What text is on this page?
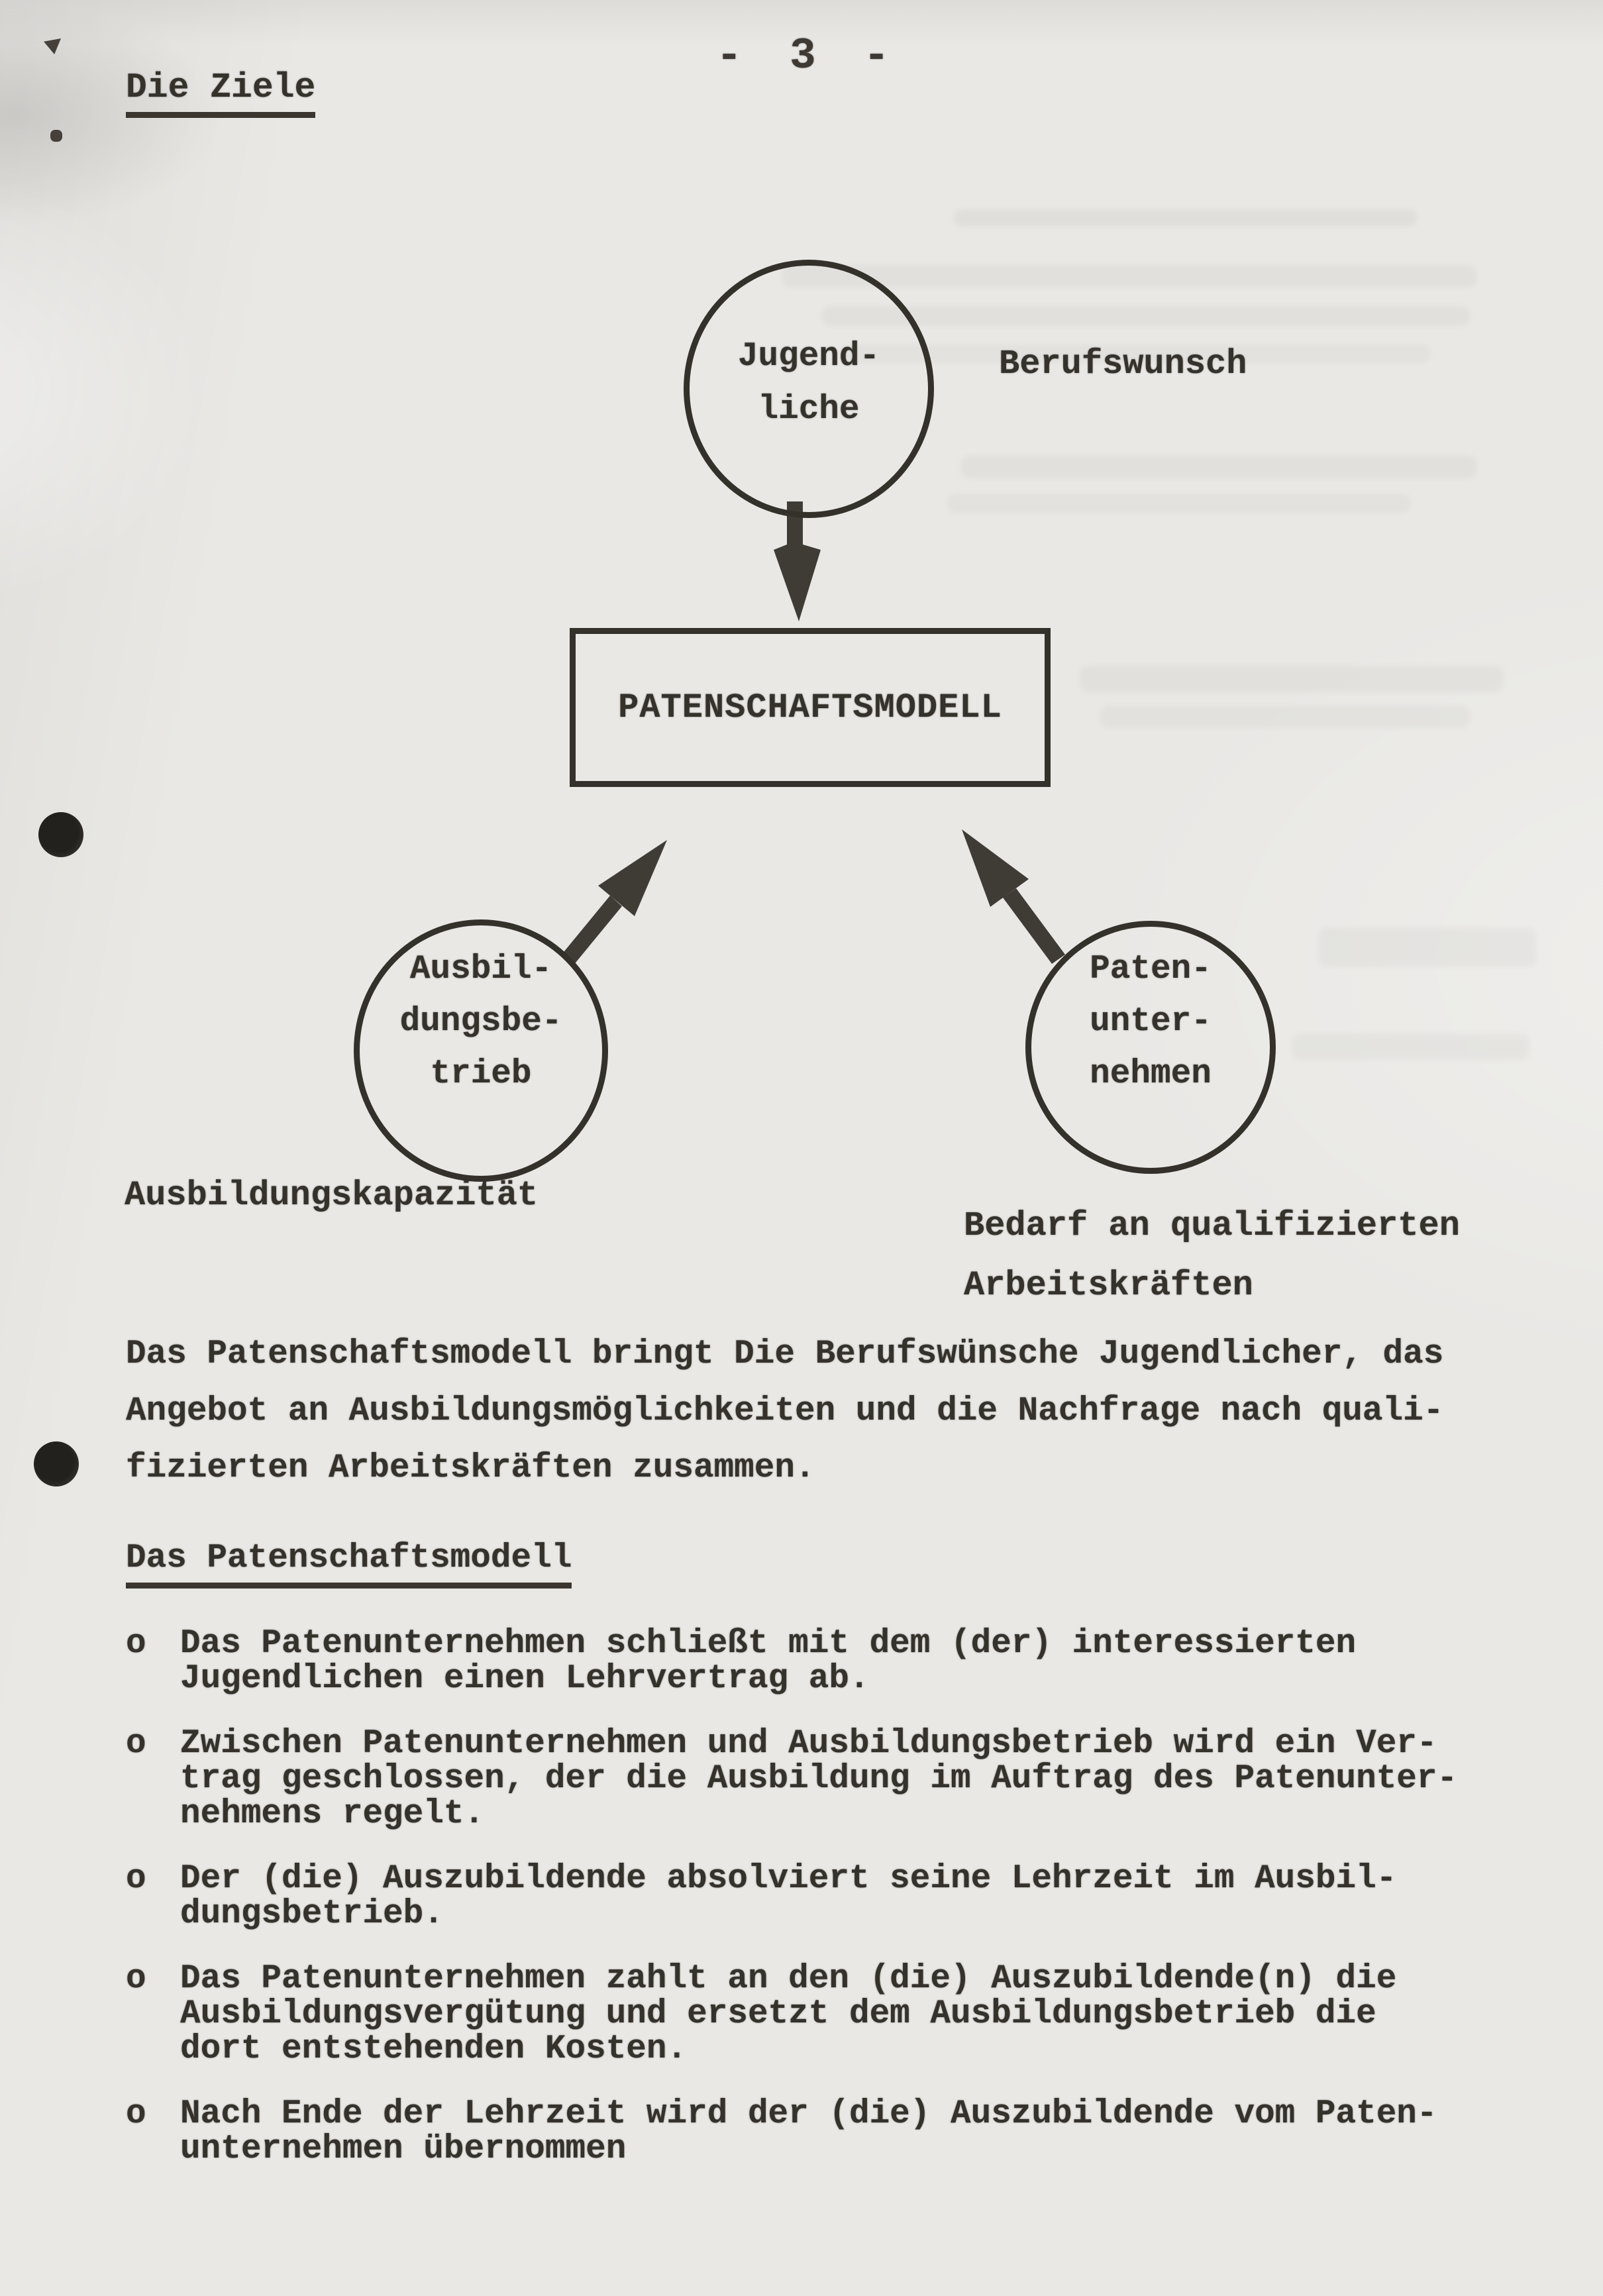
- 3 -
Die Ziele
Jugend-
liche
Berufswunsch
PATENSCHAFTSMODELL
Ausbil-
dungsbe-
trieb
Ausbildungskapazität
Paten-
unter-
nehmen
Bedarf an qualifizierten
Arbeitskräften
Das Patenschaftsmodell bringt Die Berufswünsche Jugendlicher, das
Angebot an Ausbildungsmöglichkeiten und die Nachfrage nach quali-
fizierten Arbeitskräften zusammen.
Das Patenschaftsmodell
o	Das Patenunternehmen schließt mit dem (der) interessierten
Jugendlichen einen Lehrvertrag ab.
o	Zwischen Patenunternehmen und Ausbildungsbetrieb wird ein Ver-
trag geschlossen, der die Ausbildung im Auftrag des Patenunter-
nehmens regelt.
o	Der (die) Auszubildende absolviert seine Lehrzeit im Ausbil-
dungsbetrieb.
o	Das Patenunternehmen zahlt an den (die) Auszubildende(n) die
Ausbildungsvergütung und ersetzt dem Ausbildungsbetrieb die
dort entstehenden Kosten.
o	Nach Ende der Lehrzeit wird der (die) Auszubildende vom Paten-
unternehmen übernommen
